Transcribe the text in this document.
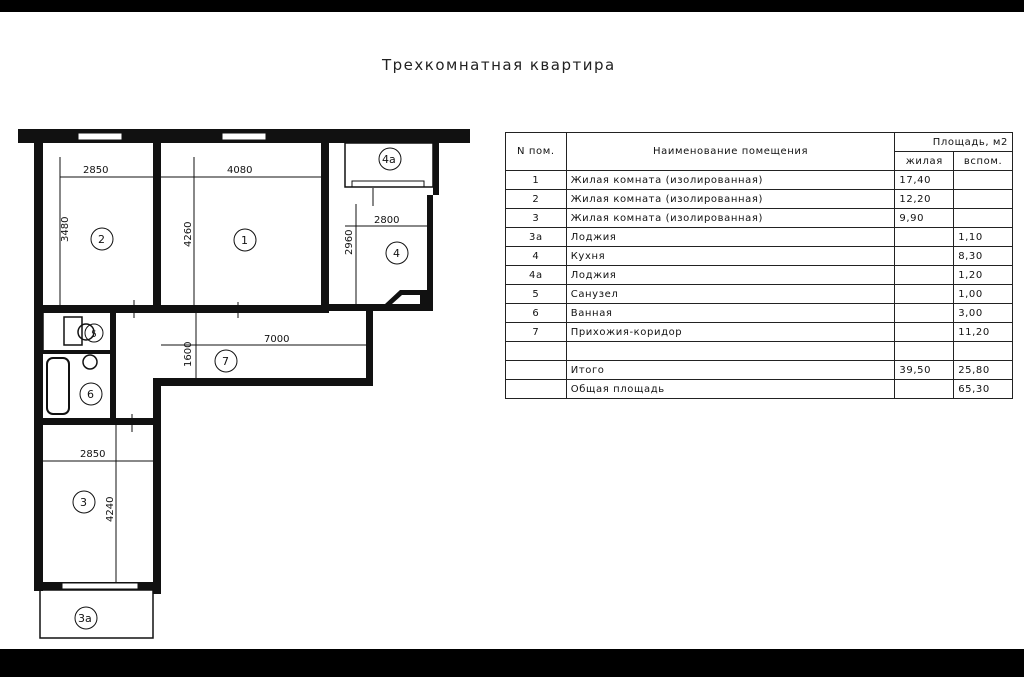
Трехкомнатная квартира
2850
3480
4080
4260
2800
2960
7000
1600
2850
4240
1
2
3
3а
4
4а
5
6
7
N пом.	Наименование помещения	Площадь, м2	
		жилая	вспом.
1	Жилая комната (изолированная)	17,40	
2	Жилая комната (изолированная)	12,20	
3	Жилая комната (изолированная)	9,90	
3а	Лоджия		1,10
4	Кухня		8,30
4а	Лоджия		1,20
5	Санузел		1,00
6	Ванная		3,00
7	Прихожия-коридор		11,20

	Итого	39,50	25,80
	Общая площадь		65,30
